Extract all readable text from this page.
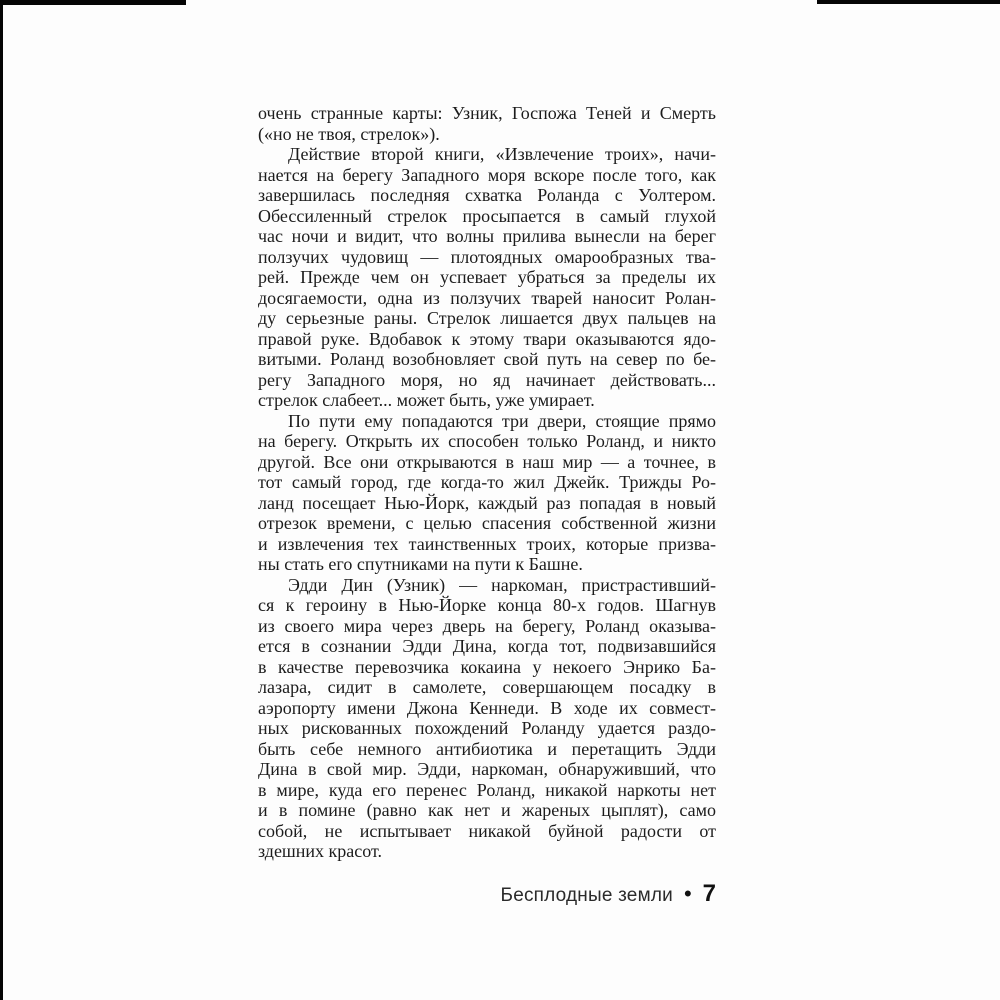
очень странные карты: Узник, Госпожа Теней и Смерть
(«но не твоя, стрелок»).
Действие второй книги, «Извлечение троих», начи-
нается на берегу Западного моря вскоре после того, как
завершилась последняя схватка Роланда с Уолтером.
Обессиленный стрелок просыпается в самый глухой
час ночи и видит, что волны прилива вынесли на берег
ползучих чудовищ — плотоядных омарообразных тва-
рей. Прежде чем он успевает убраться за пределы их
досягаемости, одна из ползучих тварей наносит Ролан-
ду серьезные раны. Стрелок лишается двух пальцев на
правой руке. Вдобавок к этому твари оказываются ядо-
витыми. Роланд возобновляет свой путь на север по бе-
регу Западного моря, но яд начинает действовать...
стрелок слабеет... может быть, уже умирает.
По пути ему попадаются три двери, стоящие прямо
на берегу. Открыть их способен только Роланд, и никто
другой. Все они открываются в наш мир — а точнее, в
тот самый город, где когда-то жил Джейк. Трижды Ро-
ланд посещает Нью-Йорк, каждый раз попадая в новый
отрезок времени, с целью спасения собственной жизни
и извлечения тех таинственных троих, которые призва-
ны стать его спутниками на пути к Башне.
Эдди Дин (Узник) — наркоман, пристрастивший-
ся к героину в Нью-Йорке конца 80-х годов. Шагнув
из своего мира через дверь на берегу, Роланд оказыва-
ется в сознании Эдди Дина, когда тот, подвизавшийся
в качестве перевозчика кокаина у некоего Энрико Ба-
лазара, сидит в самолете, совершающем посадку в
аэропорту имени Джона Кеннеди. В ходе их совмест-
ных рискованных похождений Роланду удается раздо-
быть себе немного антибиотика и перетащить Эдди
Дина в свой мир. Эдди, наркоман, обнаруживший, что
в мире, куда его перенес Роланд, никакой наркоты нет
и в помине (равно как нет и жареных цыплят), само
собой, не испытывает никакой буйной радости от
здешних красот.
Бесплодные земли • 7
